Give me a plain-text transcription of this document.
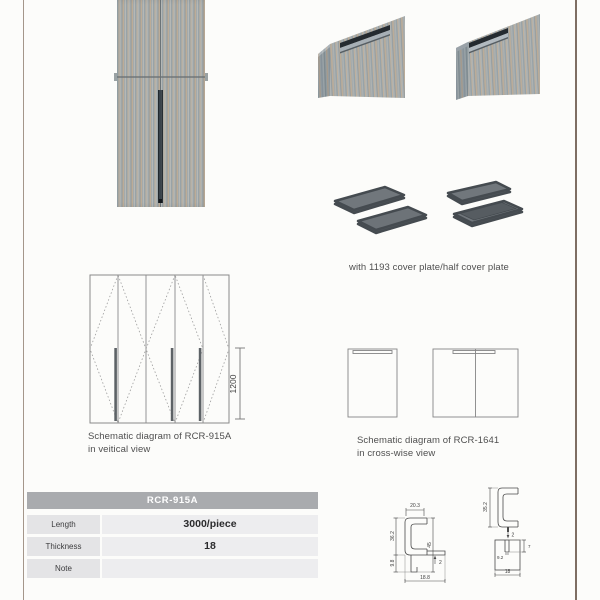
with 1193 cover plate/half cover plate
1200
Schematic diagram of RCR-915A
in veitical view
Schematic diagram of RCR-1641
in cross-wise view
RCR-915A
Length	3000/piece
Thickness	18
Note
20.3
36.2
9.8
45
2
18.8
35.2
2
7
9.2
18
